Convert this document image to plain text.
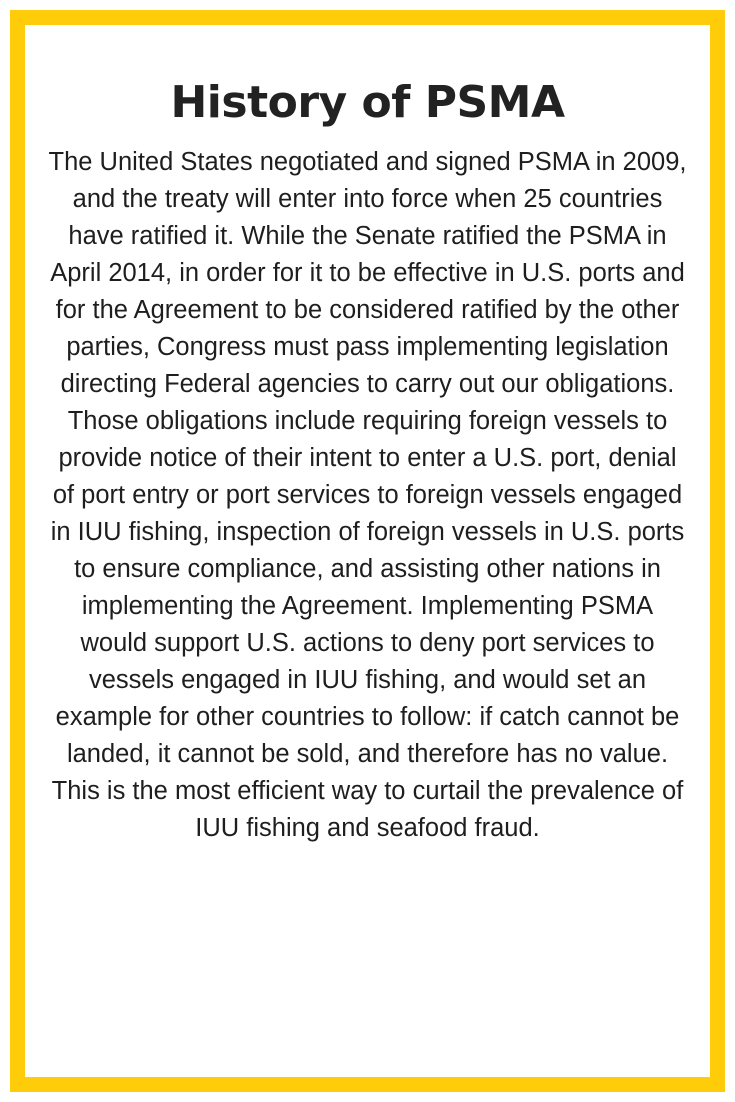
History of PSMA

The United States negotiated and signed PSMA in 2009, and the treaty will enter into force when 25 countries have ratified it. While the Senate ratified the PSMA in April 2014, in order for it to be effective in U.S. ports and for the Agreement to be considered ratified by the other parties, Congress must pass implementing legislation directing Federal agencies to carry out our obligations. Those obligations include requiring foreign vessels to provide notice of their intent to enter a U.S. port, denial of port entry or port services to foreign vessels engaged in IUU fishing, inspection of foreign vessels in U.S. ports to ensure compliance, and assisting other nations in implementing the Agreement. Implementing PSMA would support U.S. actions to deny port services to vessels engaged in IUU fishing, and would set an example for other countries to follow: if catch cannot be landed, it cannot be sold, and therefore has no value. This is the most efficient way to curtail the prevalence of IUU fishing and seafood fraud.
